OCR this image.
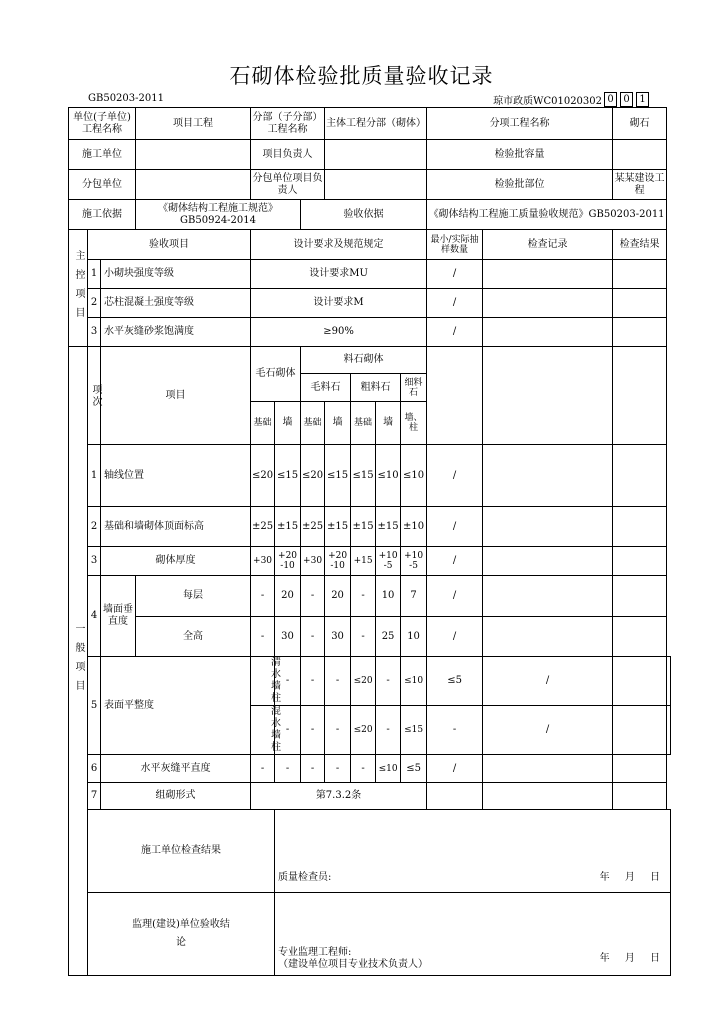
石砌体检验批质量验收记录
GB50203-2011	琼市政质WC01020302 0 0 1
单位(子单位)工程名称			项目工程	分部（子分部）工程名称			主体工程分部（砌体）				分项工程名称		砌石	
施工单位				项目负责人							检验批容量			
分包单位				分包单位项目负责人							检验批部位		某某建设工程	
施工依据			《砌体结构工程施工规范》GB50924-2014			验收依据					《砌体结构工程施工质量验收规范》GB50203-2011			

主控项目	验收项目			设计要求及规范规定							最小/实际抽样数量	检查记录	检查结果	
	1	小砌块强度等级		设计要求MU							/			
	2	芯柱混凝土强度等级		设计要求M							/			
	3	水平灰缝砂浆饱满度		≥90%							/			

一般项目	项次	项目		毛石砌体		料石砌体								
						毛料石		粗料石		细料石				
				基础	墙	基础	墙	基础	墙	墙、柱				
	1	轴线位置		≤20	≤15	≤20	≤15	≤15	≤10	≤10	/			
	2	基础和墙砌体顶面标高		±25	±15	±25	±15	±15	±15	±10	/			
	3	砌体厚度		+30	+20 -10	+30	+20 -10	+15	+10 -5	+10 -5	/			
	4	墙面垂直度	每层	-	20	-	20	-	10	7	/			
			全高	-	30	-	30	-	25	10	/			
	5	表面平整度		清水墙柱	-	-	-	≤20	-	≤10	≤5	/		
				混水墙柱	-	-	-	≤20	-	≤15	-	/		
	6	水平灰缝平直度		-	-	-	-	-	≤10	≤5	/			
	7	组砌形式		第7.3.2条										

	施工单位检查结果				质量检查员: 年 月 日									

	监理(建设)单位验收结论				专业监理工程师:
（建设单位项目专业技术负责人）
年 月 日									
